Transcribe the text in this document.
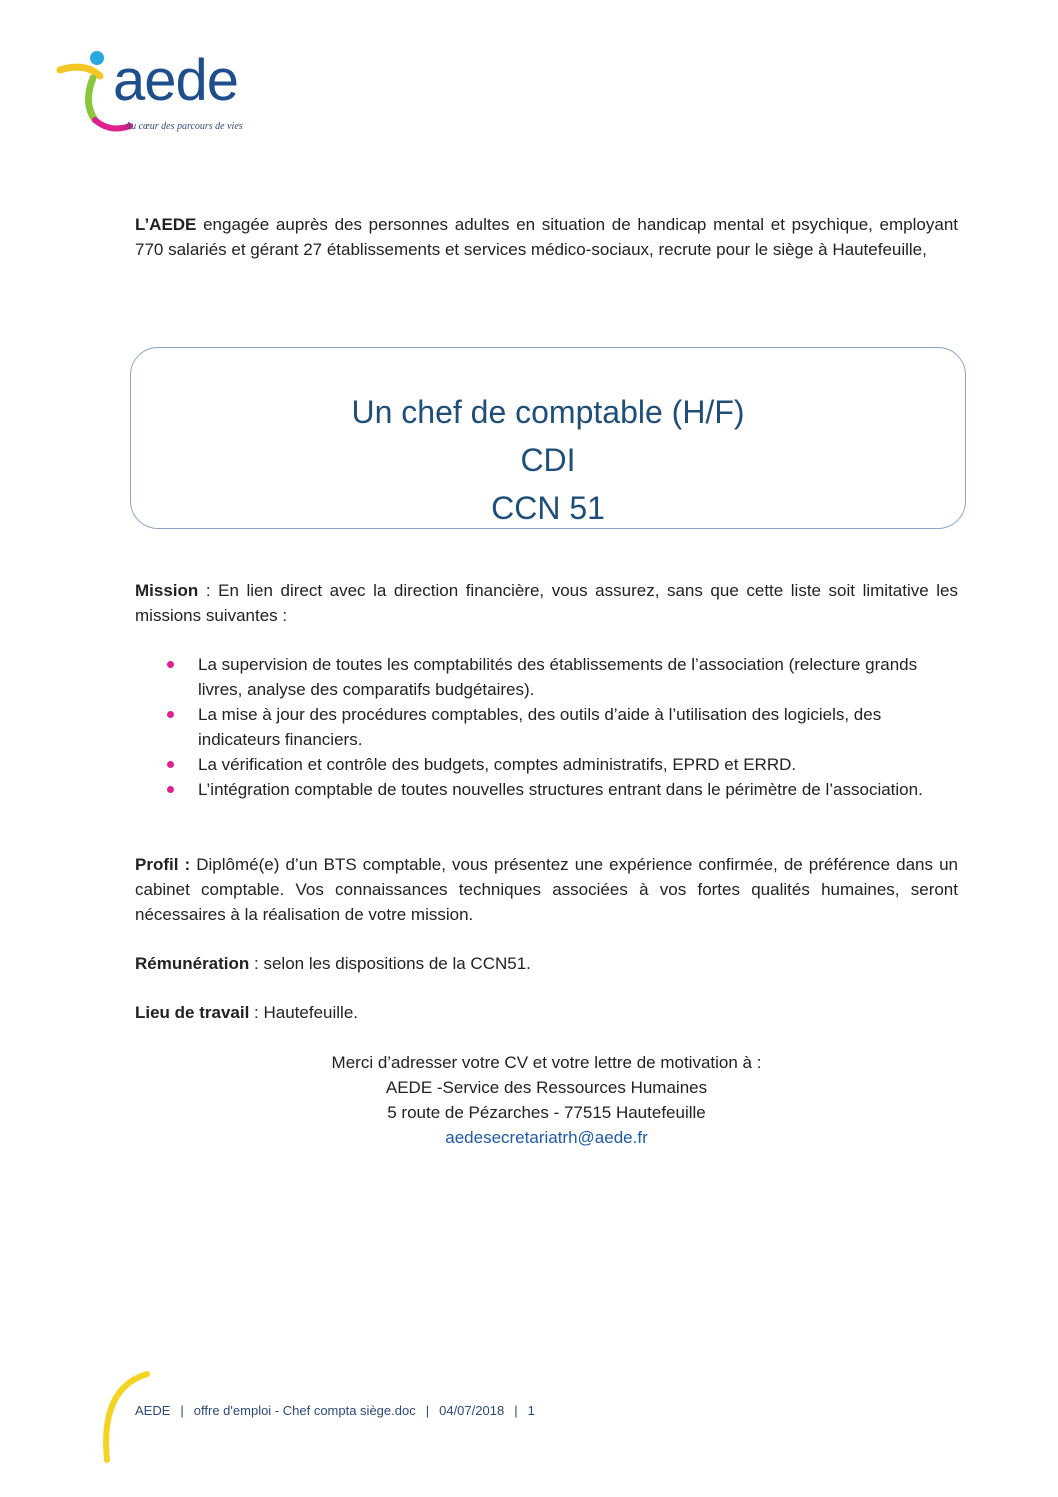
aede
Au cœur des parcours de vies

L’AEDE engagée auprès des personnes adultes en situation de handicap mental et psychique, employant 770 salariés et gérant 27 établissements et services médico-sociaux, recrute pour le siège à Hautefeuille,

Un chef de comptable (H/F)
CDI
CCN 51

Mission : En lien direct avec la direction financière, vous assurez, sans que cette liste soit limitative les missions suivantes :

La supervision de toutes les comptabilités des établissements de l’association (relecture grands livres, analyse des comparatifs budgétaires).
La mise à jour des procédures comptables, des outils d’aide à l’utilisation des logiciels, des indicateurs financiers.
La vérification et contrôle des budgets, comptes administratifs, EPRD et ERRD.
L’intégration comptable de toutes nouvelles structures entrant dans le périmètre de l’association.

Profil : Diplômé(e) d’un BTS comptable, vous présentez une expérience confirmée, de préférence dans un cabinet comptable. Vos connaissances techniques associées à vos fortes qualités humaines, seront nécessaires à la réalisation de votre mission.

Rémunération : selon les dispositions de la CCN51.

Lieu de travail : Hautefeuille.

Merci d’adresser votre CV et votre lettre de motivation à :
AEDE -Service des Ressources Humaines
5 route de Pézarches - 77515 Hautefeuille
aedesecretariatrh@aede.fr
AEDE | offre d'emploi - Chef compta siège.doc | 04/07/2018 | 1
